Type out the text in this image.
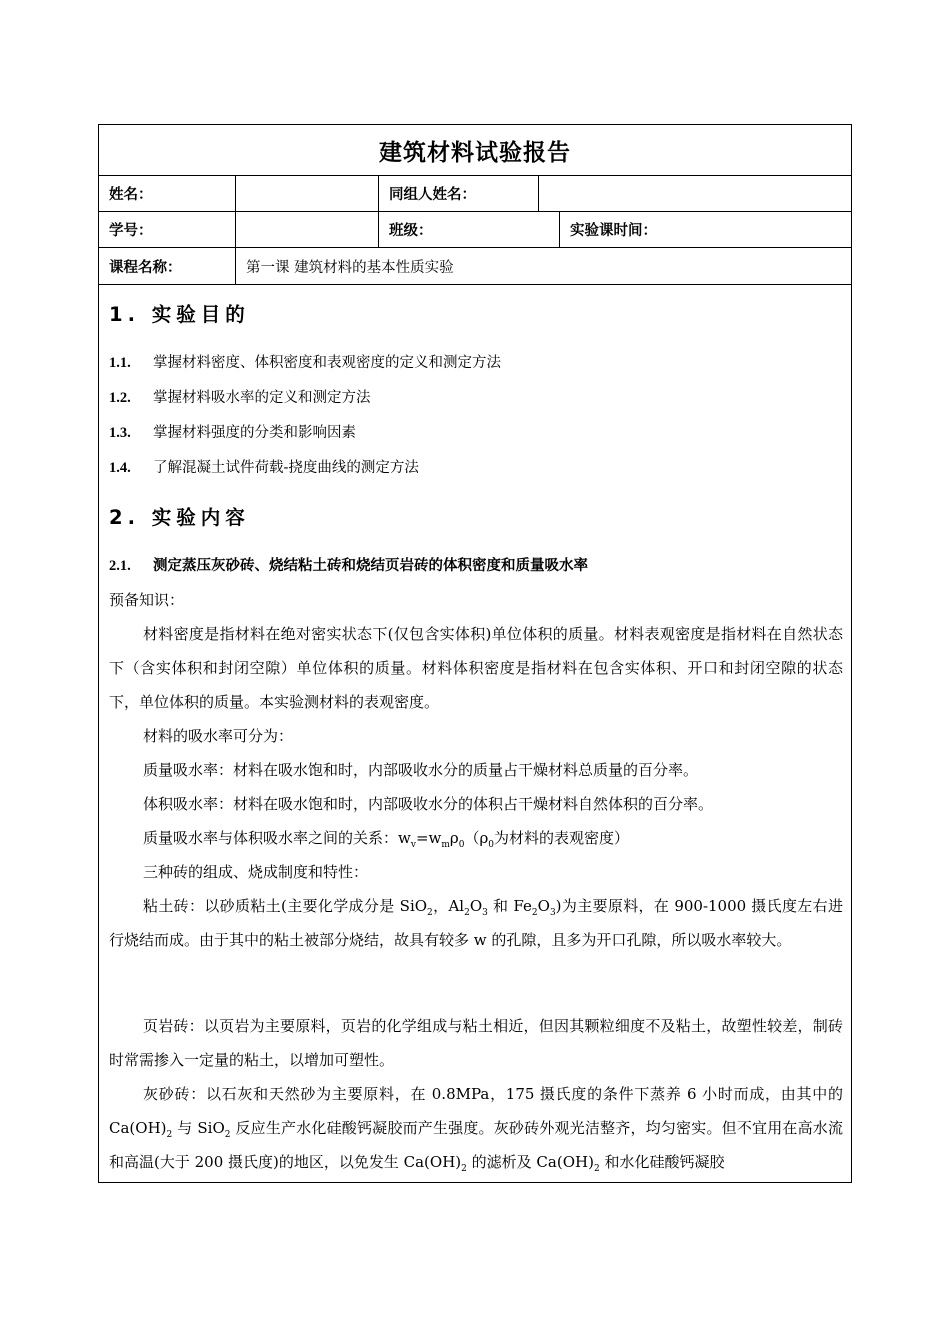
建筑材料试验报告
姓名：	同组人姓名：
学号：	班级：	实验课时间：
课程名称：	第一课 建筑材料的基本性质实验
1. 实验目的
1.1. 掌握材料密度、体积密度和表观密度的定义和测定方法
1.2. 掌握材料吸水率的定义和测定方法
1.3. 掌握材料强度的分类和影响因素
1.4. 了解混凝土试件荷载-挠度曲线的测定方法
2. 实验内容
2.1. 测定蒸压灰砂砖、烧结粘土砖和烧结页岩砖的体积密度和质量吸水率
预备知识：
材料密度是指材料在绝对密实状态下(仅包含实体积)单位体积的质量。材料表观密度是指材料在自然状态下（含实体积和封闭空隙）单位体积的质量。材料体积密度是指材料在包含实体积、开口和封闭空隙的状态下，单位体积的质量。本实验测材料的表观密度。
材料的吸水率可分为：
质量吸水率：材料在吸水饱和时，内部吸收水分的质量占干燥材料总质量的百分率。
体积吸水率：材料在吸水饱和时，内部吸收水分的体积占干燥材料自然体积的百分率。
质量吸水率与体积吸水率之间的关系：$w_v=w_m\rho_0(\rho_0$为材料的表观密度）
三种砖的组成、烧成制度和特性：
粘土砖：以砂质粘土(主要化学成分是 SiO$_2$，$Al_2O_3$ 和 $Fe_2O_3$)为主要原料，在 900-1000 摄氏度左右进行烧结而成。由于其中的粘土被部分烧结，故具有较多 w 的孔隙，且多为开口孔隙，所以吸水率较大。
页岩砖：以页岩为主要原料，页岩的化学组成与粘土相近，但因其颗粒细度不及粘土，故塑性较差，制砖时常需掺入一定量的粘土，以增加可塑性。
灰砂砖：以石灰和天然砂为主要原料，在 0.8MPa，175 摄氏度的条件下蒸养 6 小时而成，由其中的 $Ca(OH)_2$ 与 SiO$_2$ 反应生产水化硅酸钙凝胶而产生强度。灰砂砖外观光洁整齐，均匀密实。但不宜用在高水流和高温(大于 200 摄氏度)的地区，以免发生 $Ca(OH)_2$ 的滤析及 $Ca(OH)_2$ 和水化硅酸钙凝胶
